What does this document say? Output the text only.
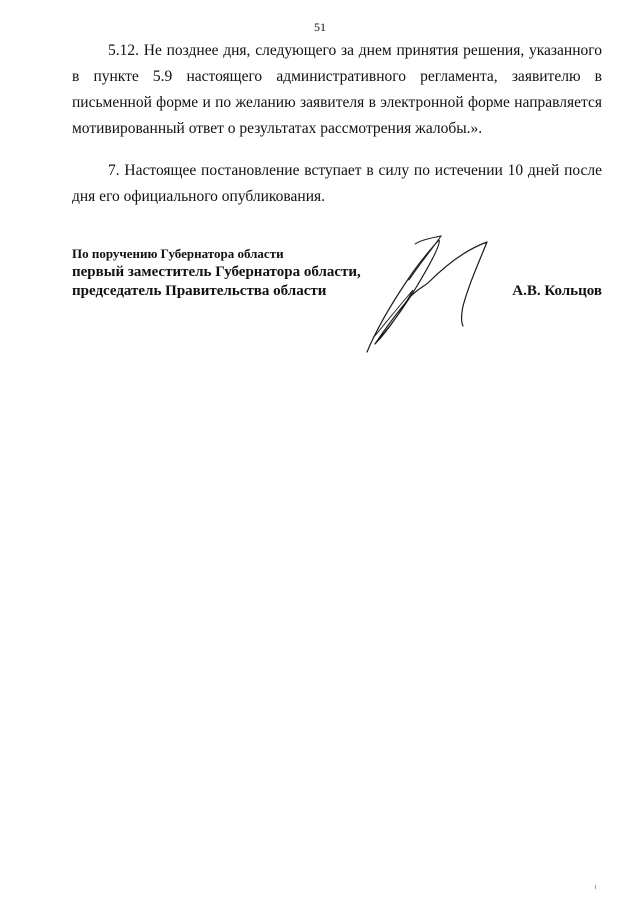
51

5.12. Не позднее дня, следующего за днем принятия решения, указанного в пункте 5.9 настоящего административного регламента, заявителю в письменной форме и по желанию заявителя в электронной форме направляется мотивированный ответ о результатах рассмотрения жалобы.».

7. Настоящее постановление вступает в силу по истечении 10 дней после дня его официального опубликования.

По поручению Губернатора области
первый заместитель Губернатора области,
председатель Правительства области	А.В. Кольцов
